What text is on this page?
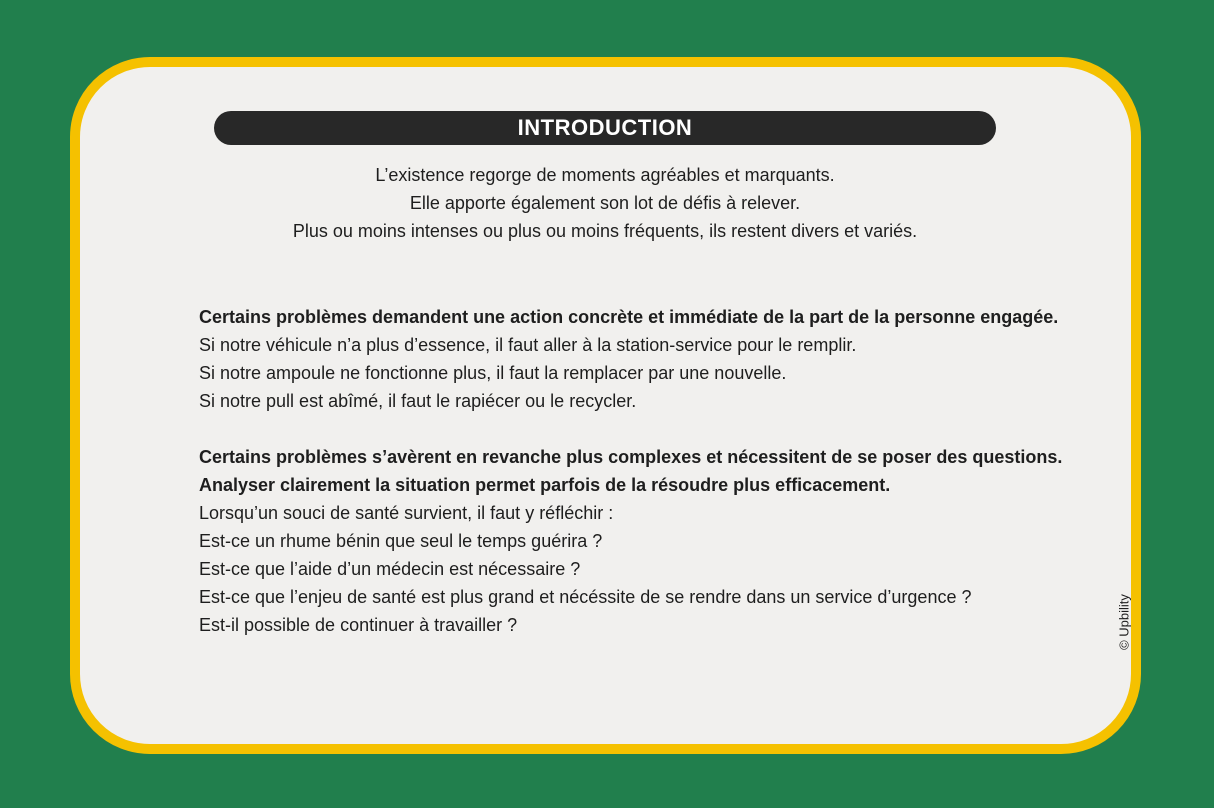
INTRODUCTION
L’existence regorge de moments agréables et marquants.
Elle apporte également son lot de défis à relever.
Plus ou moins intenses ou plus ou moins fréquents, ils restent divers et variés.
Certains problèmes demandent une action concrète et immédiate de la part de la personne engagée.
Si notre véhicule n’a plus d’essence, il faut aller à la station-service pour le remplir.
Si notre ampoule ne fonctionne plus, il faut la remplacer par une nouvelle.
Si notre pull est abîmé, il faut le rapiécer ou le recycler.
Certains problèmes s’avèrent en revanche plus complexes et nécessitent de se poser des questions.
Analyser clairement la situation permet parfois de la résoudre plus efficacement.
Lorsqu’un souci de santé survient, il faut y réfléchir :
Est-ce un rhume bénin que seul le temps guérira ?
Est-ce que l’aide d’un médecin est nécessaire ?
Est-ce que l’enjeu de santé est plus grand et nécéssite de se rendre dans un service d’urgence ?
Est-il possible de continuer à travailler ?	© Upbility
